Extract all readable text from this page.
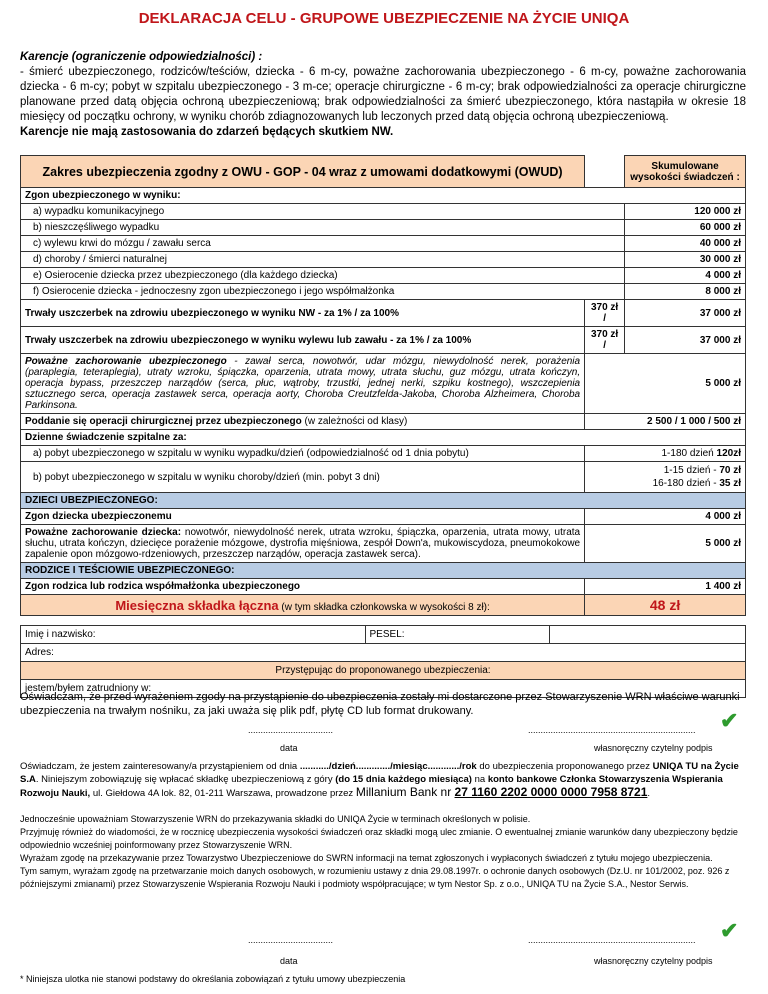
DEKLARACJA CELU - GRUPOWE UBEZPIECZENIE NA ŻYCIE UNIQA
Karencje (ograniczenie odpowiedzialności) :
- śmierć ubezpieczonego, rodziców/teściów, dziecka - 6 m-cy, poważne zachorowania ubezpieczonego - 6 m-cy, poważne zachorowania dziecka - 6 m-cy; pobyt w szpitalu ubezpieczonego - 3 m-ce; operacje chirurgiczne - 6 m-cy; brak odpowiedzialności za operacje chirurgiczne planowane przed datą objęcia ochroną ubezpieczeniową; brak odpowiedzialności za śmierć ubezpieczonego, która nastąpiła w okresie 18 miesięcy od początku ochrony, w wyniku chorób zdiagnozowanych lub leczonych przed datą objęcia ochroną ubezpieczeniową.
Karencje nie mają zastosowania do zdarzeń będących skutkiem NW.
Zakres ubezpieczenia zgodny z OWU - GOP - 04 wraz z umowami dodatkowymi (OWUD)		Skumulowane wysokości świadczeń :
Zgon ubezpieczonego w wyniku:		
a) wypadku komunikacyjnego		120 000 zł
b) nieszczęśliwego wypadku		60 000 zł
c) wylewu krwi do mózgu / zawału serca		40 000 zł
d) choroby / śmierci naturalnej		30 000 zł
e) Osierocenie dziecka przez ubezpieczonego (dla każdego dziecka)		4 000 zł
f) Osierocenie dziecka - jednoczesny zgon ubezpieczonego i jego współmałżonka		8 000 zł
Trwały uszczerbek na zdrowiu ubezpieczonego w wyniku NW - za 1% / za 100%	370 zł /	37 000 zł
Trwały uszczerbek na zdrowiu ubezpieczonego w wyniku wylewu lub zawału - za 1% / za 100%	370 zł /	37 000 zł
Poważne zachorowanie ubezpieczonego - zawał serca, nowotwór, udar mózgu, niewydolność nerek, porażenia (paraplegia, teteraplegia), utraty wzroku, śpiączka, oparzenia, utrata mowy, utrata słuchu, guz mózgu, utrata kończyn, operacja bypass, przeszczep narządów (serca, płuc, wątroby, trzustki, jednej nerki, szpiku kostnego), wszczepienia sztucznego serca, operacja zastawek serca, operacja aorty, Choroba Creutzfelda-Jakoba, Choroba Alzheimera, Choroba Parkinsona.	5 000 zł	
Poddanie się operacji chirurgicznej przez ubezpieczonego (w zależności od klasy)	2 500 / 1 000 / 500 zł	
Dzienne świadczenie szpitalne za:		
a) pobyt ubezpieczonego w szpitalu w wyniku wypadku/dzień (odpowiedzialność od 1 dnia pobytu)	1-180 dzień 120zł	
b) pobyt ubezpieczonego w szpitalu w wyniku choroby/dzień (min. pobyt 3 dni)	1-15 dzień - 70 zł
16-180 dzień - 35 zł	
DZIECI UBEZPIECZONEGO:		
Zgon dziecka ubezpieczonemu	4 000 zł	
Poważne zachorowanie dziecka: nowotwór, niewydolność nerek, utrata wzroku, śpiączka, oparzenia, utrata mowy, utrata słuchu, utrata kończyn, dziecięce porażenie mózgowe, dystrofia mięśniowa, zespół Down'a, mukowiscydoza, pneumokokowe zapalenie opon mózgowo-rdzeniowych, przeszczep narządów, operacja zastawek serca).	5 000 zł	
RODZICE I TEŚCIOWIE UBEZPIECZONEGO:		
Zgon rodzica lub rodzica współmałżonka ubezpieczonego	1 400 zł	
Miesięczna składka łączna (w tym składka członkowska w wysokości 8 zł):	48 zł	
Imię i nazwisko:	PESEL:	
Adres:
Przystępując do proponowanego ubezpieczenia:
jestem/byłem zatrudniony w:
Oświadczam, że przed wyrażeniem zgody na przystąpienie do ubezpieczenia zostały mi dostarczone przez Stowarzyszenie WRN właściwe warunki ubezpieczenia na trwałym nośniku, za jaki uważa się plik pdf, płytę CD lub format drukowany.
..................................	................................................................... ✔
data	własnoręczny czytelny podpis
Oświadczam, że jestem zainteresowany/a przystąpieniem od dnia .........../dzień............./miesiąc............/rok do ubezpieczenia proponowanego przez UNIQA TU na Życie S.A. Niniejszym zobowiązuję się wpłacać składkę ubezpieczeniową z góry (do 15 dnia każdego miesiąca) na konto bankowe Członka Stowarzyszenia Wspierania Rozwoju Nauki, ul. Giełdowa 4A lok. 82, 01-211 Warszawa, prowadzone przez Millanium Bank nr 27 1160 2202 0000 0000 7958 8721.
Jednocześnie upoważniam Stowarzyszenie WRN do przekazywania składki do UNIQA Życie w terminach określonych w polisie.
Przyjmuję również do wiadomości, że w rocznicę ubezpieczenia wysokości świadczeń oraz składki mogą ulec zmianie. O ewentualnej zmianie warunków dany ubezpieczony będzie odpowiednio wcześniej poinformowany przez Stowarzyszenie WRN.
Wyrażam zgodę na przekazywanie przez Towarzystwo Ubezpieczeniowe do SWRN informacji na temat zgłoszonych i wypłaconych świadczeń z tytułu mojego ubezpieczenia.
Tym samym, wyrażam zgodę na przetwarzanie moich danych osobowych, w rozumieniu ustawy z dnia 29.08.1997r. o ochronie danych osobowych (Dz.U. nr 101/2002, poz. 926 z późniejszymi zmianami) przez Stowarzyszenie Wspierania Rozwoju Nauki i podmioty współpracujące; w tym Nestor Sp. z o.o., UNIQA TU na Życie S.A., Nestor Serwis.
..................................	................................................................... ✔
data	własnoręczny czytelny podpis
* Niniejsza ulotka nie stanowi podstawy do określania zobowiązań z tytułu umowy ubezpieczenia
